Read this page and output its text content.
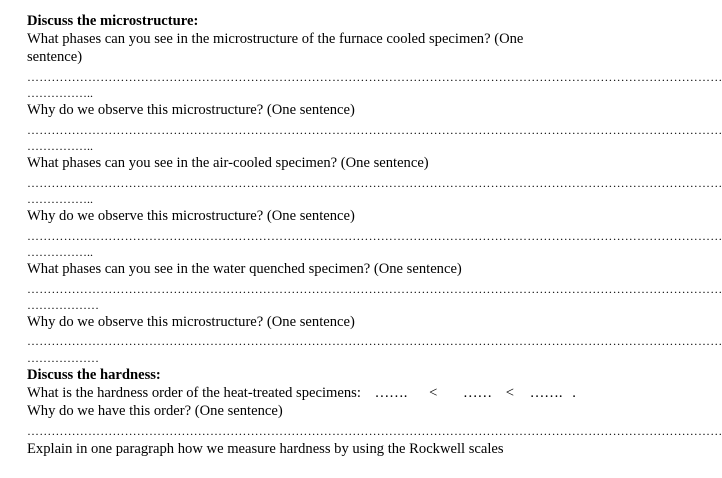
Discuss the microstructure:
What phases can you see in the microstructure of the furnace cooled specimen? (One
sentence)
………………………………………………………………………………………………………………………………………………………
……………..
Why do we observe this microstructure? (One sentence)
………………………………………………………………………………………………………………………………………………………
……………..
What phases can you see in the air-cooled specimen? (One sentence)
………………………………………………………………………………………………………………………………………………………
……………..
Why do we observe this microstructure? (One sentence)
………………………………………………………………………………………………………………………………………………………
……………..
What phases can you see in the water quenched specimen? (One sentence)
………………………………………………………………………………………………………………………………………………………
………………
Why do we observe this microstructure? (One sentence)
………………………………………………………………………………………………………………………………………………………
………………
Discuss the hardness:
What is the hardness order of the heat-treated specimens: ……. < …… < ……. .
Why do we have this order? (One sentence)
………………………………………………………………………………………………………………………………………………………
Explain in one paragraph how we measure hardness by using the Rockwell scales
